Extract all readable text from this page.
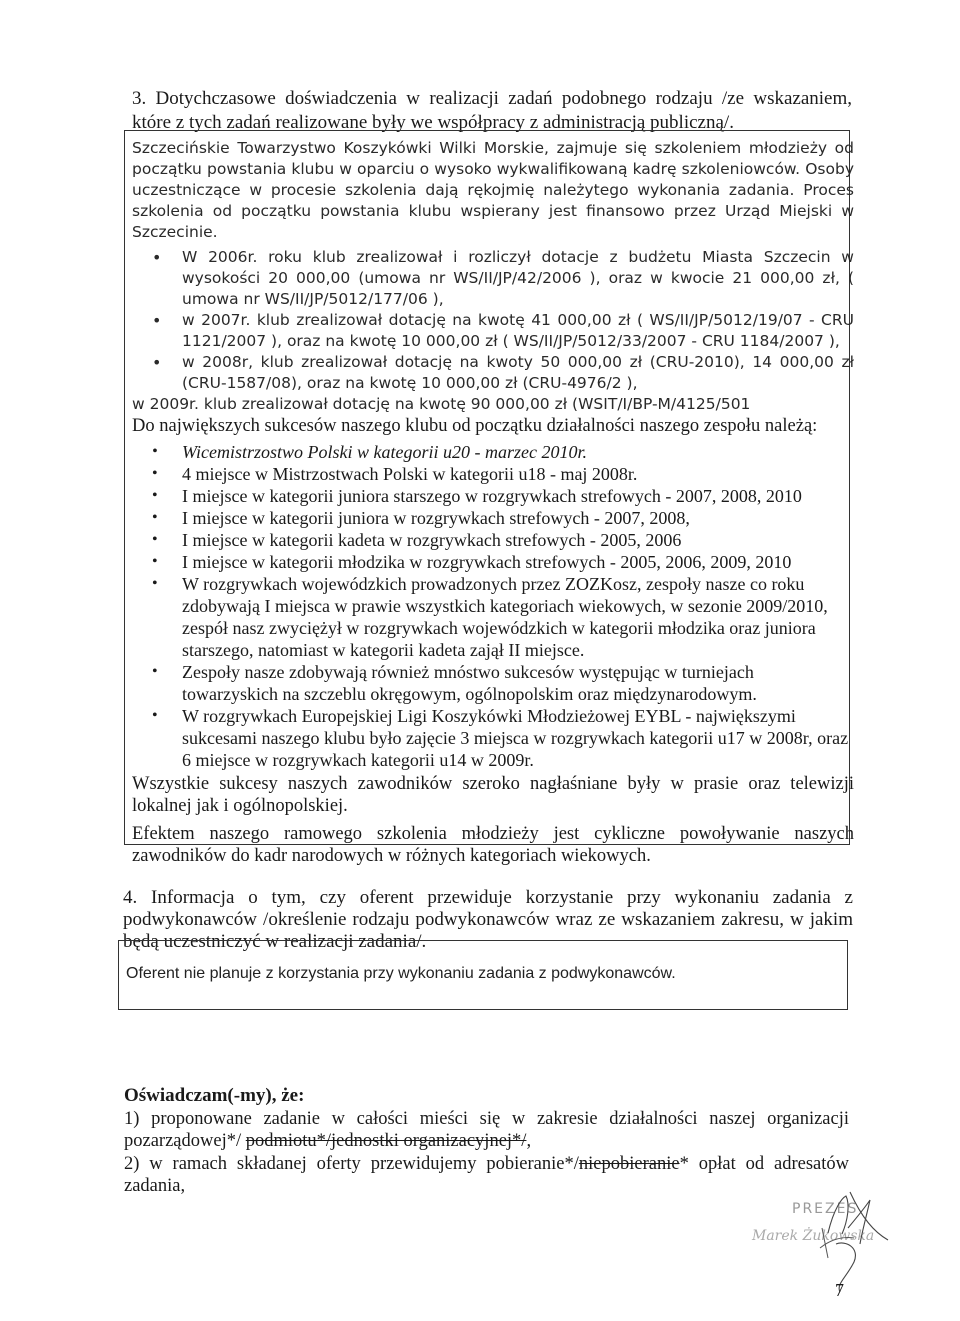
3. Dotychczasowe doświadczenia w realizacji zadań podobnego rodzaju /ze wskazaniem, które z tych zadań realizowane były we współpracy z administracją publiczną/.

Szczecińskie Towarzystwo Koszykówki Wilki Morskie, zajmuje się szkoleniem młodzieży od początku powstania klubu w oparciu o wysoko wykwalifikowaną kadrę szkoleniowców. Osoby uczestniczące w procesie szkolenia dają rękojmię należytego wykonania zadania. Proces szkolenia od początku powstania klubu wspierany jest finansowo przez Urząd Miejski w Szczecinie.

• W 2006r. roku klub zrealizował i rozliczył dotacje z budżetu Miasta Szczecin w wysokości 20 000,00 (umowa nr WS/II/JP/42/2006 ), oraz w kwocie 21 000,00 zł, ( umowa nr WS/II/JP/5012/177/06 ),
• w 2007r. klub zrealizował dotację na kwotę 41 000,00 zł ( WS/II/JP/5012/19/07 - CRU 1121/2007 ), oraz na kwotę 10 000,00 zł ( WS/II/JP/5012/33/2007 - CRU 1184/2007 ),
• w 2008r, klub zrealizował dotację na kwoty 50 000,00 zł (CRU-2010), 14 000,00 zł (CRU-1587/08), oraz na kwotę 10 000,00 zł (CRU-4976/2 ),

w 2009r. klub zrealizował dotację na kwotę 90 000,00 zł (WSIT/I/BP-M/4125/501

Do największych sukcesów naszego klubu od początku działalności naszego zespołu należą:

• Wicemistrzostwo Polski w kategorii u20 - marzec 2010r.
• 4 miejsce w Mistrzostwach Polski w kategorii u18 - maj 2008r.
• I miejsce w kategorii juniora starszego w rozgrywkach strefowych - 2007, 2008, 2010
• I miejsce w kategorii juniora w rozgrywkach strefowych - 2007, 2008,
• I miejsce w kategorii kadeta w rozgrywkach strefowych - 2005, 2006
• I miejsce w kategorii młodzika w rozgrywkach strefowych - 2005, 2006, 2009, 2010
• W rozgrywkach wojewódzkich prowadzonych przez ZOZKosz, zespoły nasze co roku zdobywają I miejsca w prawie wszystkich kategoriach wiekowych, w sezonie 2009/2010, zespół nasz zwyciężył w rozgrywkach wojewódzkich w kategorii młodzika oraz juniora starszego, natomiast w kategorii kadeta zajął II miejsce.
• Zespoły nasze zdobywają również mnóstwo sukcesów występując w turniejach towarzyskich na szczeblu okręgowym, ogólnopolskim oraz międzynarodowym.
• W rozgrywkach Europejskiej Ligi Koszykówki Młodzieżowej EYBL - największymi sukcesami naszego klubu było zajęcie 3 miejsca w rozgrywkach kategorii u17 w 2008r, oraz 6 miejsce w rozgrywkach kategorii u14 w 2009r.

Wszystkie sukcesy naszych zawodników szeroko nagłaśniane były w prasie oraz telewizji lokalnej jak i ogólnopolskiej.

Efektem naszego ramowego szkolenia młodzieży jest cykliczne powoływanie naszych zawodników do kadr narodowych w różnych kategoriach wiekowych.

4. Informacja o tym, czy oferent przewiduje korzystanie przy wykonaniu zadania z podwykonawców /określenie rodzaju podwykonawców wraz ze wskazaniem zakresu, w jakim będą uczestniczyć w realizacji zadania/.

Oferent nie planuje z korzystania przy wykonaniu zadania z podwykonawców.
Oświadczam(-my), że:

1) proponowane zadanie w całości mieści się w zakresie działalności naszej organizacji pozarządowej*/ podmiotu*/jednostki organizacyjnej*/,

2) w ramach składanej oferty przewidujemy pobieranie*/niepobieranie* opłat od adresatów zadania,

PREZES
Marek Żukowska
7
